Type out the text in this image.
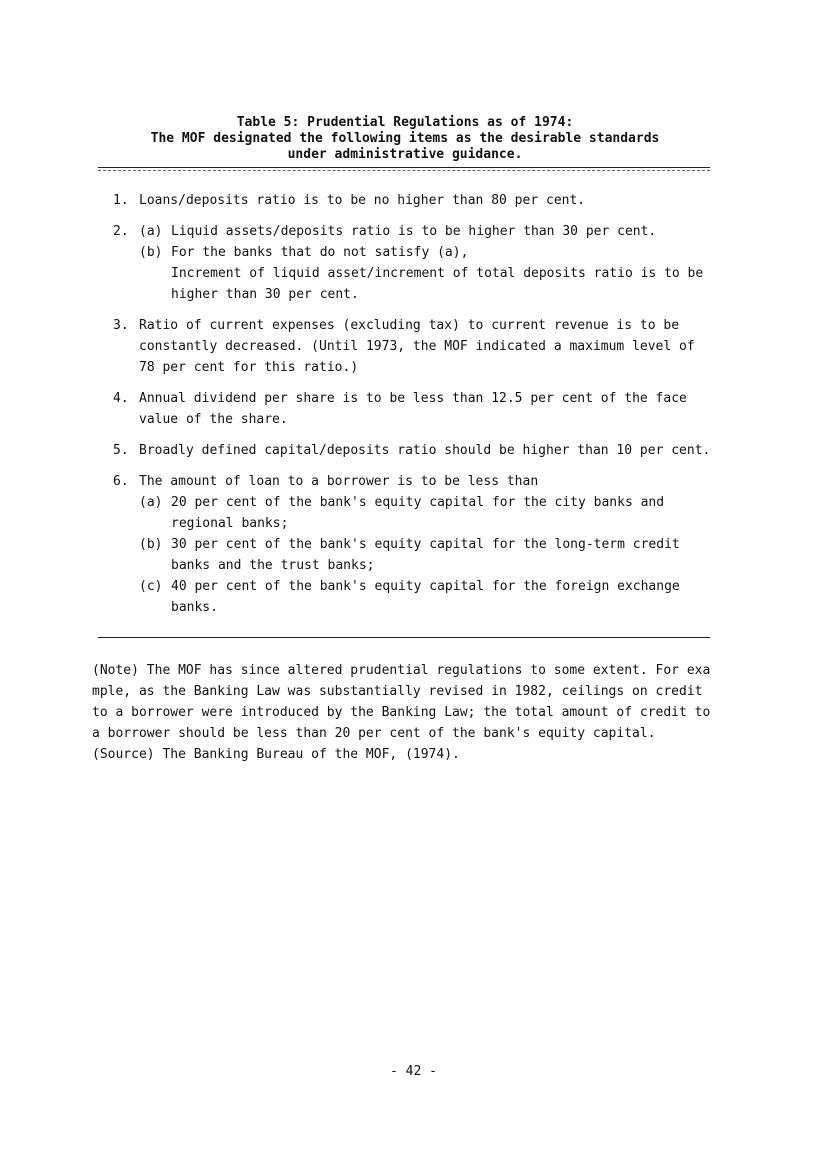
Table 5: Prudential Regulations as of 1974:
The MOF designated the following items as the desirable standards
under administrative guidance.
1. Loans/deposits ratio is to be no higher than 80 per cent.
2. (a) Liquid assets/deposits ratio is to be higher than 30 per cent.
(b) For the banks that do not satisfy (a),
Increment of liquid asset/increment of total deposits ratio is to be
higher than 30 per cent.
3. Ratio of current expenses (excluding tax) to current revenue is to be
constantly decreased. (Until 1973, the MOF indicated a maximum level of
78 per cent for this ratio.)
4. Annual dividend per share is to be less than 12.5 per cent of the face
value of the share.
5. Broadly defined capital/deposits ratio should be higher than 10 per cent.
6. The amount of loan to a borrower is to be less than
(a) 20 per cent of the bank's equity capital for the city banks and
regional banks;
(b) 30 per cent of the bank's equity capital for the long-term credit
banks and the trust banks;
(c) 40 per cent of the bank's equity capital for the foreign exchange
banks.
(Note) The MOF has since altered prudential regulations to some extent. For exa
mple, as the Banking Law was substantially revised in 1982, ceilings on credit
to a borrower were introduced by the Banking Law; the total amount of credit to
a borrower should be less than 20 per cent of the bank's equity capital.
(Source) The Banking Bureau of the MOF, (1974).
- 42 -
